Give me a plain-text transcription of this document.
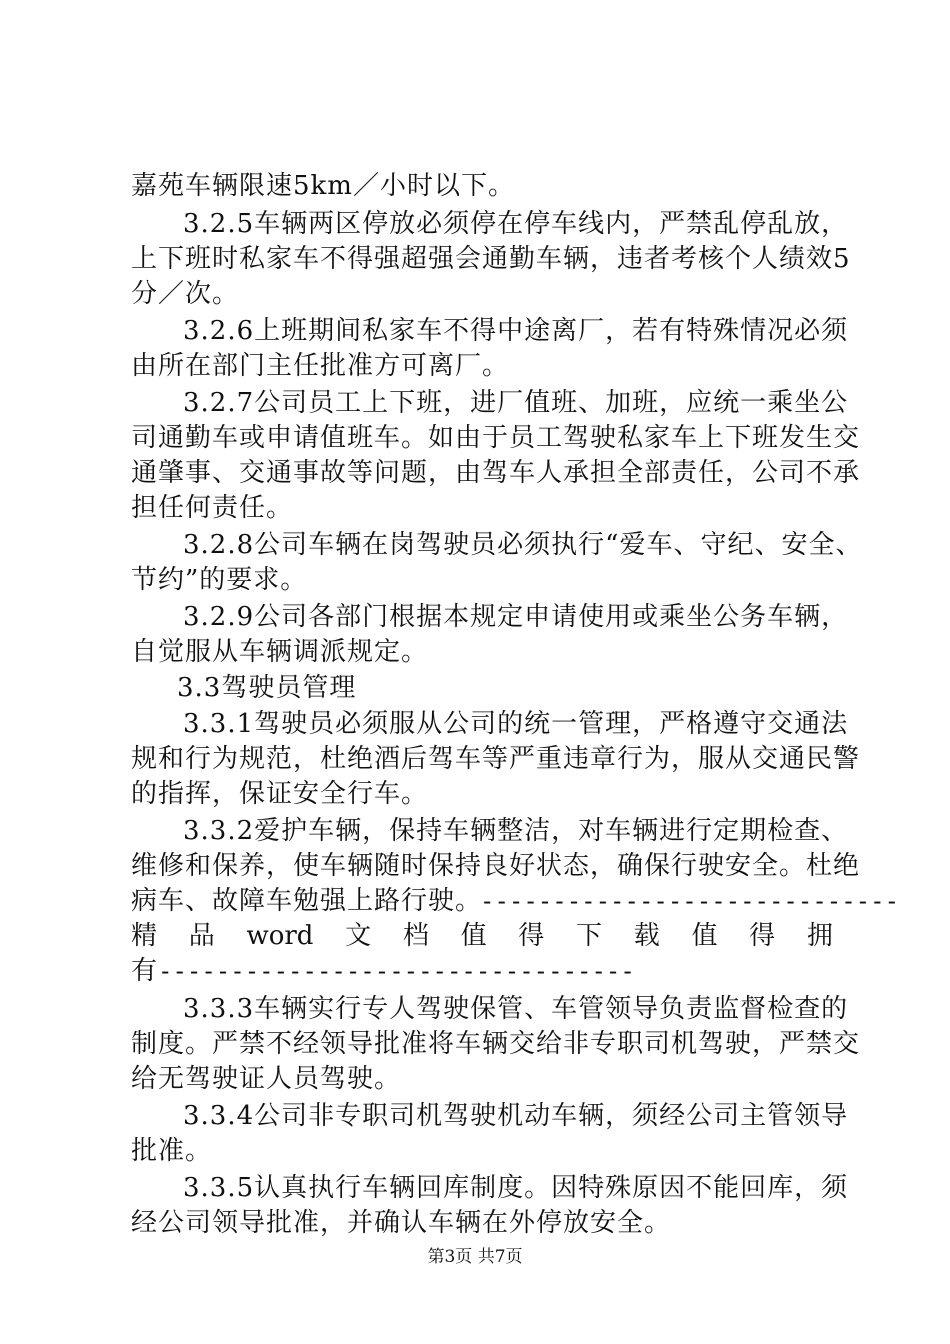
嘉苑车辆限速5km／小时以下。
3.2.5车辆两区停放必须停在停车线内，严禁乱停乱放，
上下班时私家车不得强超强会通勤车辆，违者考核个人绩效5
分／次。
3.2.6上班期间私家车不得中途离厂，若有特殊情况必须
由所在部门主任批准方可离厂。
3.2.7公司员工上下班，进厂值班、加班，应统一乘坐公
司通勤车或申请值班车。如由于员工驾驶私家车上下班发生交
通肇事、交通事故等问题，由驾车人承担全部责任，公司不承
担任何责任。
3.2.8公司车辆在岗驾驶员必须执行“爱车、守纪、安全、
节约”的要求。
3.2.9公司各部门根据本规定申请使用或乘坐公务车辆，
自觉服从车辆调派规定。
3.3驾驶员管理
3.3.1驾驶员必须服从公司的统一管理，严格遵守交通法
规和行为规范，杜绝酒后驾车等严重违章行为，服从交通民警
的指挥，保证安全行车。
3.3.2爱护车辆，保持车辆整洁，对车辆进行定期检查、
维修和保养，使车辆随时保持良好状态，确保行驶安全。杜绝
病车、故障车勉强上路行驶。
-----------------------------
精 品 word 文 档 值 得 下 载 值 得 拥
有 ---------------------------------
3.3.3车辆实行专人驾驶保管、车管领导负责监督检查的
制度。严禁不经领导批准将车辆交给非专职司机驾驶，严禁交
给无驾驶证人员驾驶。
3.3.4公司非专职司机驾驶机动车辆，须经公司主管领导
批准。
3.3.5认真执行车辆回库制度。因特殊原因不能回库，须
经公司领导批准，并确认车辆在外停放安全。
第3页 共7页
